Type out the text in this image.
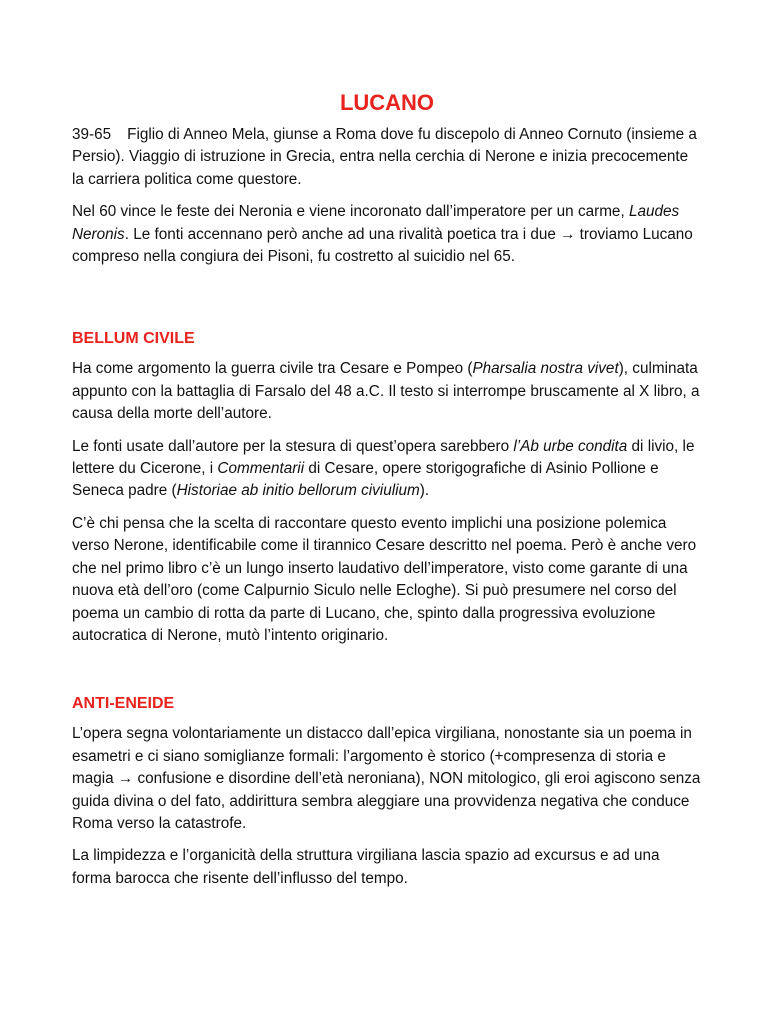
LUCANO

39-65 Figlio di Anneo Mela, giunse a Roma dove fu discepolo di Anneo Cornuto (insieme a Persio). Viaggio di istruzione in Grecia, entra nella cerchia di Nerone e inizia precocemente la carriera politica come questore.

Nel 60 vince le feste dei Neronia e viene incoronato dall’imperatore per un carme, Laudes Neronis. Le fonti accennano però anche ad una rivalità poetica tra i due → troviamo Lucano compreso nella congiura dei Pisoni, fu costretto al suicidio nel 65.

BELLUM CIVILE

Ha come argomento la guerra civile tra Cesare e Pompeo (Pharsalia nostra vivet), culminata appunto con la battaglia di Farsalo del 48 a.C. Il testo si interrompe bruscamente al X libro, a causa della morte dell’autore.

Le fonti usate dall’autore per la stesura di quest’opera sarebbero l’Ab urbe condita di livio, le lettere du Cicerone, i Commentarii di Cesare, opere storigografiche di Asinio Pollione e Seneca padre (Historiae ab initio bellorum civiulium).

C’è chi pensa che la scelta di raccontare questo evento implichi una posizione polemica verso Nerone, identificabile come il tirannico Cesare descritto nel poema. Però è anche vero che nel primo libro c’è un lungo inserto laudativo dell’imperatore, visto come garante di una nuova età dell’oro (come Calpurnio Siculo nelle Ecloghe). Si può presumere nel corso del poema un cambio di rotta da parte di Lucano, che, spinto dalla progressiva evoluzione autocratica di Nerone, mutò l’intento originario.

ANTI-ENEIDE

L’opera segna volontariamente un distacco dall’epica virgiliana, nonostante sia un poema in esametri e ci siano somiglianze formali: l’argomento è storico (+compresenza di storia e magia → confusione e disordine dell’età neroniana), NON mitologico, gli eroi agiscono senza guida divina o del fato, addirittura sembra aleggiare una provvidenza negativa che conduce Roma verso la catastrofe.

La limpidezza e l’organicità della struttura virgiliana lascia spazio ad excursus e ad una forma barocca che risente dell’influsso del tempo.
